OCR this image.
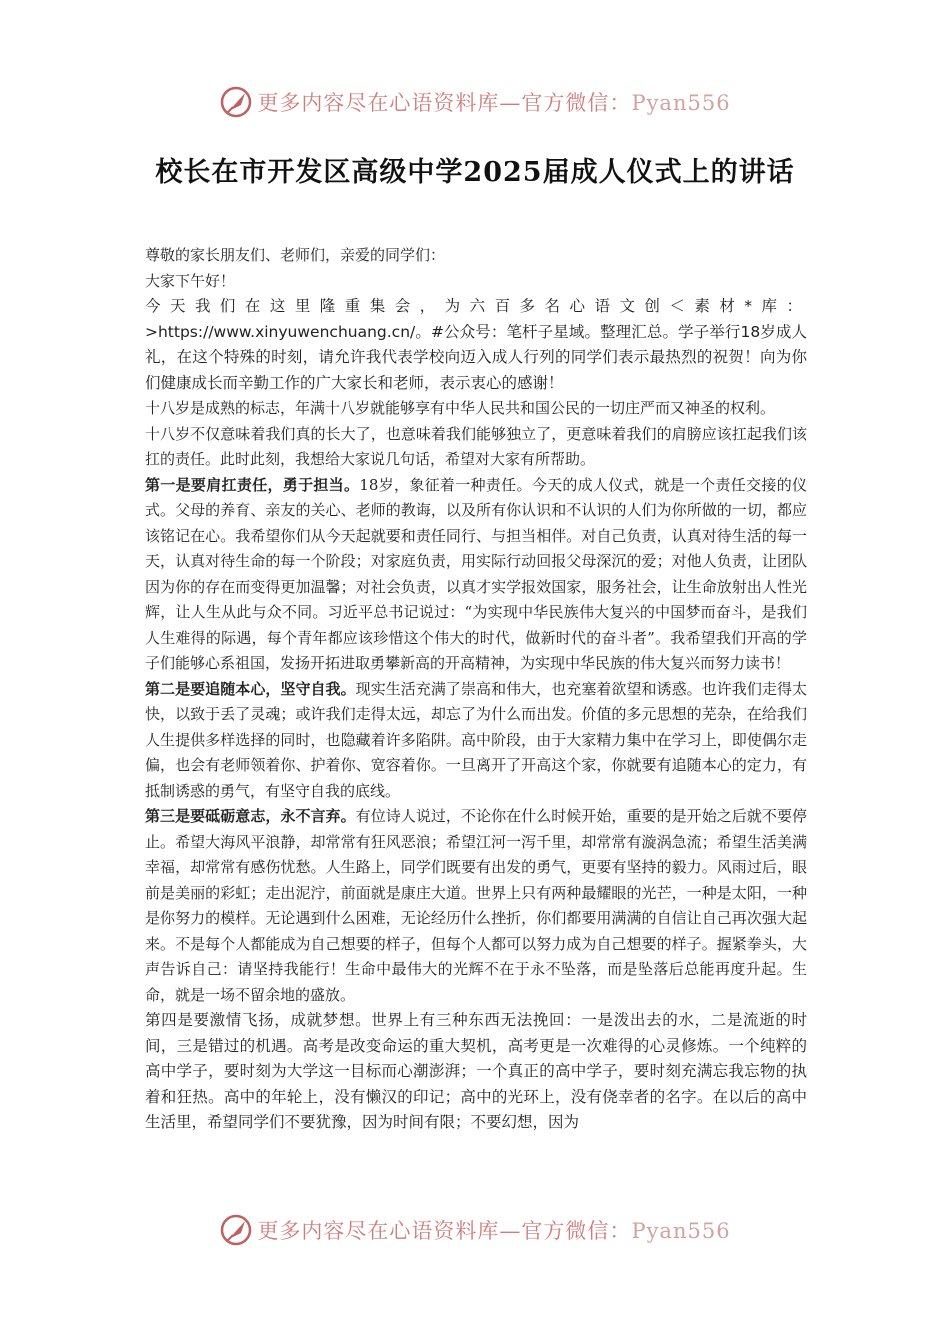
更多内容尽在心语资料库—官方微信：Pyan556
校长在市开发区高级中学2025届成人仪式上的讲话

尊敬的家长朋友们、老师们，亲爱的同学们：

大家下午好！

今天我们在这里隆重集会，为六百多名心语文创＜素材*库：>https://www.xinyuwenchuang.cn/。#公众号：笔杆子星域。整理汇总。学子举行18岁成人礼，在这个特殊的时刻，请允许我代表学校向迈入成人行列的同学们表示最热烈的祝贺！向为你们健康成长而辛勤工作的广大家长和老师，表示衷心的感谢！

十八岁是成熟的标志，年满十八岁就能够享有中华人民共和国公民的一切庄严而又神圣的权利。

十八岁不仅意味着我们真的长大了，也意味着我们能够独立了，更意味着我们的肩膀应该扛起我们该扛的责任。此时此刻，我想给大家说几句话，希望对大家有所帮助。

第一是要肩扛责任，勇于担当。18岁，象征着一种责任。今天的成人仪式，就是一个责任交接的仪式。父母的养育、亲友的关心、老师的教诲，以及所有你认识和不认识的人们为你所做的一切，都应该铭记在心。我希望你们从今天起就要和责任同行、与担当相伴。对自己负责，认真对待生活的每一天，认真对待生命的每一个阶段；对家庭负责，用实际行动回报父母深沉的爱；对他人负责，让团队因为你的存在而变得更加温馨；对社会负责，以真才实学报效国家，服务社会，让生命放射出人性光辉，让人生从此与众不同。习近平总书记说过：“为实现中华民族伟大复兴的中国梦而奋斗，是我们人生难得的际遇，每个青年都应该珍惜这个伟大的时代，做新时代的奋斗者”。我希望我们开高的学子们能够心系祖国，发扬开拓进取勇攀新高的开高精神，为实现中华民族的伟大复兴而努力读书！

第二是要追随本心，坚守自我。现实生活充满了崇高和伟大，也充塞着欲望和诱惑。也许我们走得太快，以致于丢了灵魂；或许我们走得太远，却忘了为什么而出发。价值的多元思想的芜杂，在给我们人生提供多样选择的同时，也隐藏着许多陷阱。高中阶段，由于大家精力集中在学习上，即使偶尔走偏，也会有老师领着你、护着你、宽容着你。一旦离开了开高这个家，你就要有追随本心的定力，有抵制诱惑的勇气，有坚守自我的底线。

第三是要砥砺意志，永不言弃。有位诗人说过，不论你在什么时候开始，重要的是开始之后就不要停止。希望大海风平浪静，却常常有狂风恶浪；希望江河一泻千里，却常常有漩涡急流；希望生活美满幸福，却常常有感伤忧愁。人生路上，同学们既要有出发的勇气，更要有坚持的毅力。风雨过后，眼前是美丽的彩虹；走出泥泞，前面就是康庄大道。世界上只有两种最耀眼的光芒，一种是太阳，一种是你努力的模样。无论遇到什么困难，无论经历什么挫折，你们都要用满满的自信让自己再次强大起来。不是每个人都能成为自己想要的样子，但每个人都可以努力成为自己想要的样子。握紧拳头，大声告诉自己：请坚持我能行！生命中最伟大的光辉不在于永不坠落，而是坠落后总能再度升起。生命，就是一场不留余地的盛放。

第四是要激情飞扬，成就梦想。世界上有三种东西无法挽回：一是泼出去的水，二是流逝的时间，三是错过的机遇。高考是改变命运的重大契机，高考更是一次难得的心灵修炼。一个纯粹的高中学子，要时刻为大学这一目标而心潮澎湃；一个真正的高中学子，要时刻充满忘我忘物的执着和狂热。高中的年轮上，没有懒汉的印记；高中的光环上，没有侥幸者的名字。在以后的高中生活里，希望同学们不要犹豫，因为时间有限；不要幻想，因为

更多内容尽在心语资料库—官方微信：Pyan556
